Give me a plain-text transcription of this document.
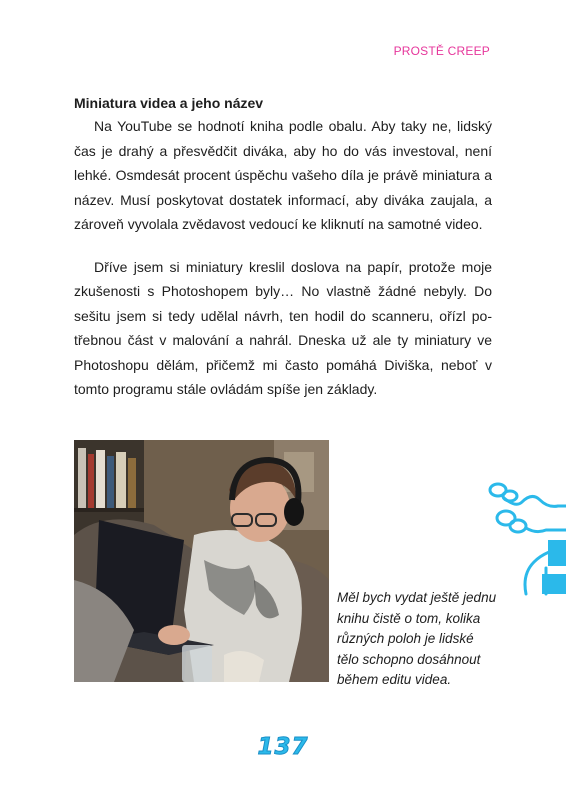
PROSTĚ CREEP
Miniatura videa a jeho název

Na YouTube se hodnotí kniha podle obalu. Aby taky ne, lidský čas je drahý a přesvědčit diváka, aby ho do vás investoval, není lehké. Osmdesát procent úspěchu vašeho díla je právě miniatura a název. Musí poskytovat dostatek informací, aby diváka zaujala, a zároveň vyvolala zvědavost vedoucí ke kliknutí na samotné video.

Dříve jsem si miniatury kreslil doslova na papír, protože moje zkušenosti s Photoshopem byly… No vlastně žádné nebyly. Do sešitu jsem si tedy udělal návrh, ten hodil do scanneru, ořízl potřebnou část v malování a nahrál. Dneska už ale ty miniatury ve Photoshopu dělám, přičemž mi často pomáhá Diviška, neboť v tomto programu stále ovládám spíše jen základy.

Měl bych vydat ještě jednu
knihu čistě o tom, kolika
různých poloh je lidské
tělo schopno dosáhnout
během editu videa.
137
